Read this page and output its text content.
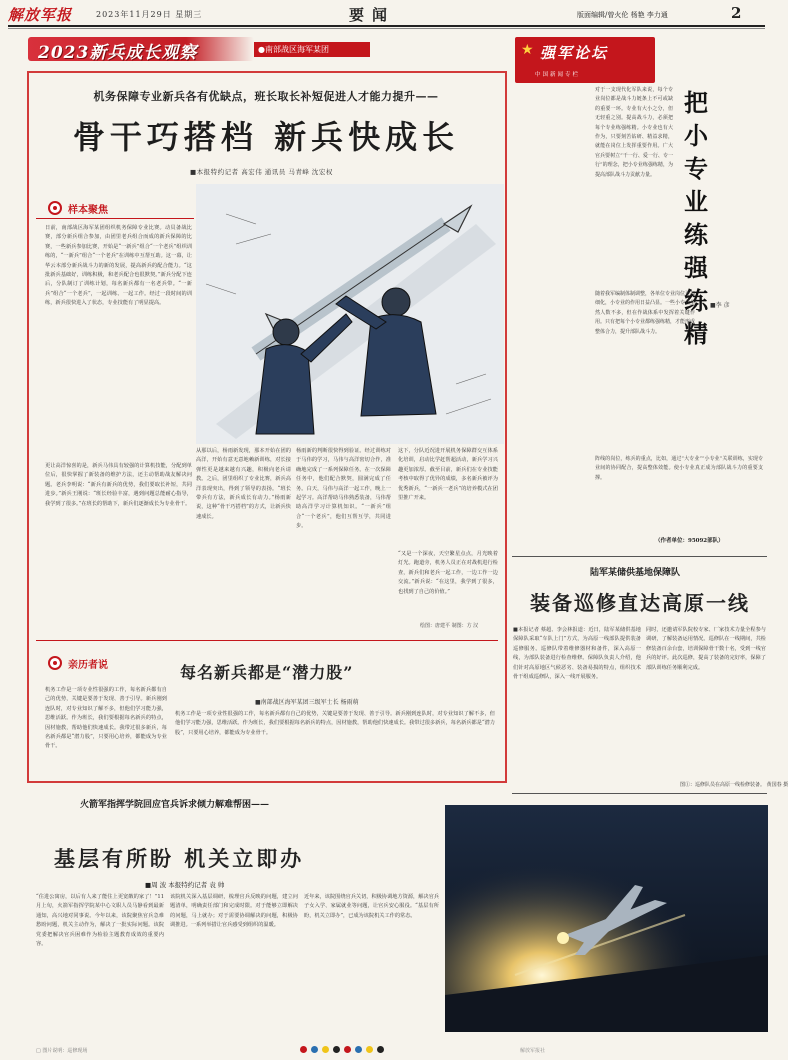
解放军报	2023年11月29日 星期三	要闻	版面编辑/曾火伦 杨艳 李力通	2
2023新兵成长观察	●南部战区海军某团
机务保障专业新兵各有优缺点，班长取长补短促进人才能力提升——
骨干巧搭档 新兵快成长
■本报特约记者 高宏伟 通讯员 马青峰 沈宏权
样本聚焦
日前，南部战区海军某团组织机务保障专业比赛。动员备战比赛，部分新兵组合参加，由团里老兵组合而成的新兵保障的比赛，一些新兵参加比赛，开始是“一新兵”组合“一个老兵”组织训练的，“一新兵”组合“一个老兵”在训练中互帮互助。这一幕，让华云本部分新兵战斗力的新的发展，提高新兵的配合能力。“这批新兵基础好，训练积极，和老兵配合也很默契。”新兵分配下连后，分队制订了训练计划，每名新兵都有一名老兵带。“一新兵”组合“一个老兵”，一起训练、一起工作。经过一段时间的训练，新兵很快进入了状态，专业技能有了明显提高。
更让高洋惊喜的是，新兵马伟具有较强的计算机技能，分配到单位后，很快掌握了新装备的维护方法，还主动帮助战友解决问题。老兵李明说：“新兵有新兵的优势，我们要取长补短，共同进步。”新兵王刚说：“班长经验丰富，遇到问题总能耐心指导，我学到了很多。”在班长的帮助下，新兵们逐渐成长为专业骨干。
从那以后，杨雨新发现，那本开始在团的高洋，开始有意无意地赖新训练，对长接弹性更是越来越有兴趣，积极向老兵请教。之后，团里组织了专业比赛，新兵高洋表现突出，得到了领导的表扬。“班长带兵有方法，新兵成长有动力。”杨雨新说，这种“骨干巧搭档”的方式，让新兵快速成长。
杨雨新的判断很快得到验证。经过训练对于马伟的学习，马伟与高洋密切合作，准确地完成了一系列保障任务。在一次保障任务中，他们配合默契，圆满完成了任务。白天，马伟与高洋一起工作，晚上一起学习。高洋帮助马伟熟悉装备，马伟帮助高洋学习计算机知识。“一新兵”组合“一个老兵”，他们互帮互学，共同进步。
这下，分队近况进开展机务保障群交互体系化培训，启动比学赶帮超活动，新兵学习兴趣更加浓厚。截至目前，新兵们在专业技能考核中取得了优异的成绩，多名新兵被评为优秀新兵，“一新兵一老兵”的培养模式在团里推广开来。
“又是一个深夜，天空繁星点点，月光映着灯光。跑道旁，机务人员正在对战机进行检查，新兵们和老兵一起工作，一边工作一边交流。”新兵说：“在这里，我学到了很多，也找到了自己的价值。”
绘图：唐建平 制图：方 汉
亲历者说	每名新兵都是“潜力股”
■南部战区海军某团三级军士长 杨雨萌
机务工作是一项专业性很强的工作，每名新兵都有自己的优势，关键是要善于发现、善于引导。新兵刚到连队时，对专业知识了解不多，但他们学习能力强，思维活跃。作为班长，我们要根据每名新兵的特点，因材施教，帮助他们快速成长。我带过很多新兵，每名新兵都是“潜力股”，只要用心培养，都能成为专业骨干。
机务工作是一项专业性很强的工作，每名新兵都有自己的优势，关键是要善于发现、善于引导。新兵刚到连队时，对专业知识了解不多，但他们学习能力强，思维活跃。作为班长，我们要根据每名新兵的特点，因材施教，帮助他们快速成长。我带过很多新兵，每名新兵都是“潜力股”，只要用心培养，都能成为专业骨干。
★ 强军论坛
中国新闻专栏
把小专业练强练精
■李 彦
对于一支现代化军队来说，每个专业岗位都是战斗力链条上不可或缺的重要一环。专业有大小之分，但无轻重之别。提高战斗力，必须把每个专业练强练精。小专业也有大作为，只要刻苦钻研、精益求精，就能在岗位上发挥重要作用。广大官兵要树立“干一行、爱一行、专一行”的理念，把小专业练强练精，为提高部队战斗力贡献力量。
随着我军编制体制调整，各单位专业岗位更加细化，小专业的作用日益凸显。一些小专业虽然人数不多，但在作战体系中发挥着关键作用。只有把每个小专业都练强练精，才能形成整体合力，提升部队战斗力。
阵线的岗位，练兵的重点，比如，通过“大专业”“小专业”关联训练，实现专业间的协同配合，提高整体效能。使小专业真正成为部队战斗力的重要支撑。
（作者单位：95092部队）
陆军某储供基地保障队
装备巡修直达高原一线
■本报记者 蔡超、李会林报道：近日，陆军某储供基地保障队采取“车队上门”方式，为高原一线部队提供装备巡修服务。巡修队带着维修器材和备件，深入高原一线，为部队装备进行检查维修。保障队负责人介绍，他们针对高原地区气候恶劣、装备易损的特点，组织技术骨干组成巡修队，深入一线开展服务。
同时，还邀请军队院校专家、厂家技术力量全程参与调研，了解装备运用情况。巡修队在一线期间，共检修装备百余台套，培训保障骨干数十名，受到一线官兵的好评。此次巡修，提高了装备的完好率，保障了部队训练任务顺利完成。
图①：巡修队员在高原一线检修装备。 黄国春 摄
火箭军指挥学院回应官兵诉求倾力解难帮困——
基层有所盼 机关立即办
■周 波 本报特约记者 袁 帅
“住进公寓房，以后有人来了能住上更宽敞的家了！”11月上旬，火箭军指挥学院某中心文职人员马静看到最新通知，高兴地对同事说。今年以来，该院聚焦官兵急难愁盼问题，机关主动作为，解决了一批实际问题。该院党委把解决官兵困难作为检验主题教育成效的重要内容。
该院机关深入基层调研，梳理官兵反映的问题，建立问题清单，明确责任部门和完成时限。对于能够立即解决的问题，马上就办；对于需要协调解决的问题，积极协调推进。一系列举措让官兵感受到组织的温暖。
近年来，该院围绕官兵关切，积极协调地方资源，解决官兵子女入学、家属就业等问题，让官兵安心服役。“基层有所盼，机关立即办”，已成为该院机关工作的常态。
□ 图片说明：巡修现场	解放军报社
